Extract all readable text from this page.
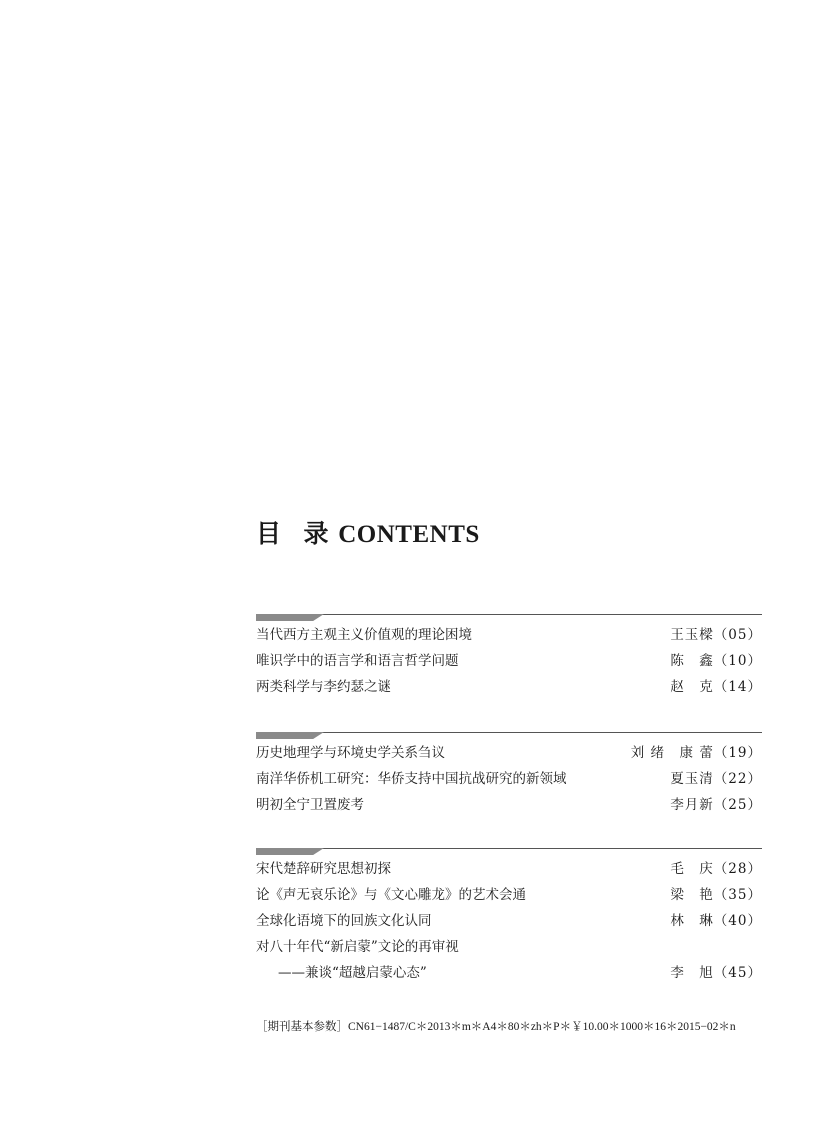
目 录 CONTENTS
当代西方主观主义价值观的理论困境	王玉樑（05）
唯识学中的语言学和语言哲学问题	陈　鑫（10）
两类科学与李约瑟之谜	赵　克（14）
历史地理学与环境史学关系刍议	刘 绪　康 蕾（19）
南洋华侨机工研究：华侨支持中国抗战研究的新领域	夏玉清（22）
明初全宁卫置废考	李月新（25）
宋代楚辞研究思想初探	毛　庆（28）
论《声无哀乐论》与《文心雕龙》的艺术会通	梁　艳（35）
全球化语境下的回族文化认同	林　琳（40）
对八十年代“新启蒙”文论的再审视
——兼谈“超越启蒙心态”	李　旭（45）
［期刊基本参数］CN61−1487/C＊2013＊m＊A4＊80＊zh＊P＊￥10.00＊1000＊16＊2015−02＊n
